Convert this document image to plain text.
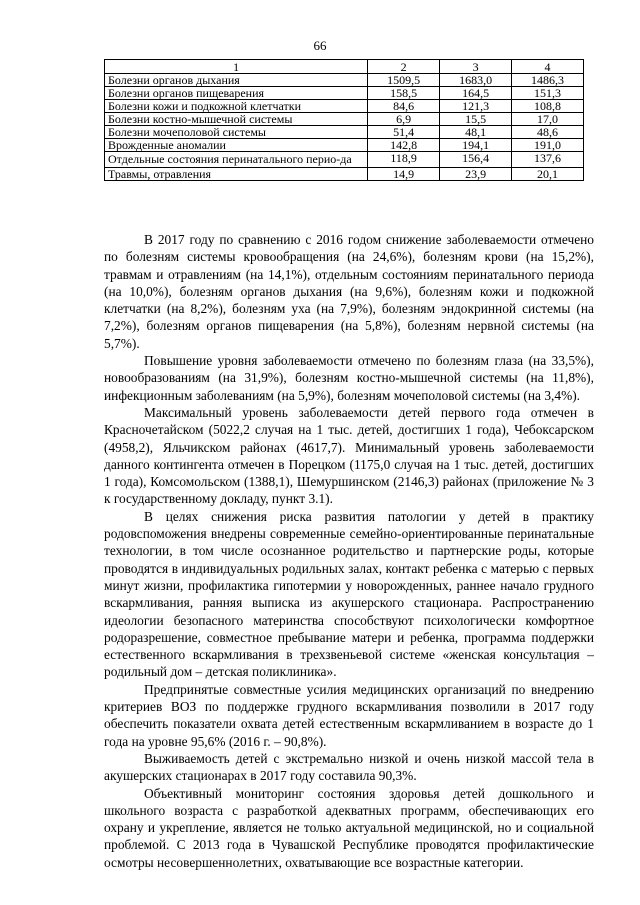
66
1	2	3	4
Болезни органов дыхания	1509,5	1683,0	1486,3
Болезни органов пищеварения	158,5	164,5	151,3
Болезни кожи и подкожной клетчатки	84,6	121,3	108,8
Болезни костно-мышечной системы	6,9	15,5	17,0
Болезни мочеполовой системы	51,4	48,1	48,6
Врожденные аномалии	142,8	194,1	191,0
Отдельные состояния перинатального перио-да	118,9	156,4	137,6
Травмы, отравления	14,9	23,9	20,1

В 2017 году по сравнению с 2016 годом снижение заболеваемости отмечено по болезням системы кровообращения (на 24,6%), болезням крови (на 15,2%), травмам и отравлениям (на 14,1%), отдельным состояниям перинатального периода (на 10,0%), болезням органов дыхания (на 9,6%), болезням кожи и подкожной клетчатки (на 8,2%), болезням уха (на 7,9%), болезням эндокринной системы (на 7,2%), болезням органов пищеварения (на 5,8%), болезням нервной системы (на 5,7%).

Повышение уровня заболеваемости отмечено по болезням глаза (на 33,5%), новообразованиям (на 31,9%), болезням костно-мышечной системы (на 11,8%), инфекционным заболеваниям (на 5,9%), болезням мочеполовой системы (на 3,4%).

Максимальный уровень заболеваемости детей первого года отмечен в Красночетайском (5022,2 случая на 1 тыс. детей, достигших 1 года), Чебоксарском (4958,2), Яльчикском районах (4617,7). Минимальный уровень заболеваемости данного контингента отмечен в Порецком (1175,0 случая на 1 тыс. детей, достигших 1 года), Комсомольском (1388,1), Шемуршинском (2146,3) районах (приложение № 3 к государственному докладу, пункт 3.1).

В целях снижения риска развития патологии у детей в практику родовспоможения внедрены современные семейно-ориентированные перинатальные технологии, в том числе осознанное родительство и партнерские роды, которые проводятся в индивидуальных родильных залах, контакт ребенка с матерью с первых минут жизни, профилактика гипотермии у новорожденных, раннее начало грудного вскармливания, ранняя выписка из акушерского стационара. Распространению идеологии безопасного материнства способствуют психологически комфортное родоразрешение, совместное пребывание матери и ребенка, программа поддержки естественного вскармливания в трехзвеньевой системе «женская консультация – родильный дом – детская поликлиника».

Предпринятые совместные усилия медицинских организаций по внедрению критериев ВОЗ по поддержке грудного вскармливания позволили в 2017 году обеспечить показатели охвата детей естественным вскармливанием в возрасте до 1 года на уровне 95,6% (2016 г. – 90,8%).

Выживаемость детей с экстремально низкой и очень низкой массой тела в акушерских стационарах в 2017 году составила 90,3%.

Объективный мониторинг состояния здоровья детей дошкольного и школьного возраста с разработкой адекватных программ, обеспечивающих его охрану и укрепление, является не только актуальной медицинской, но и социальной проблемой. С 2013 года в Чувашской Республике проводятся профилактические осмотры несовершеннолетних, охватывающие все возрастные категории.
